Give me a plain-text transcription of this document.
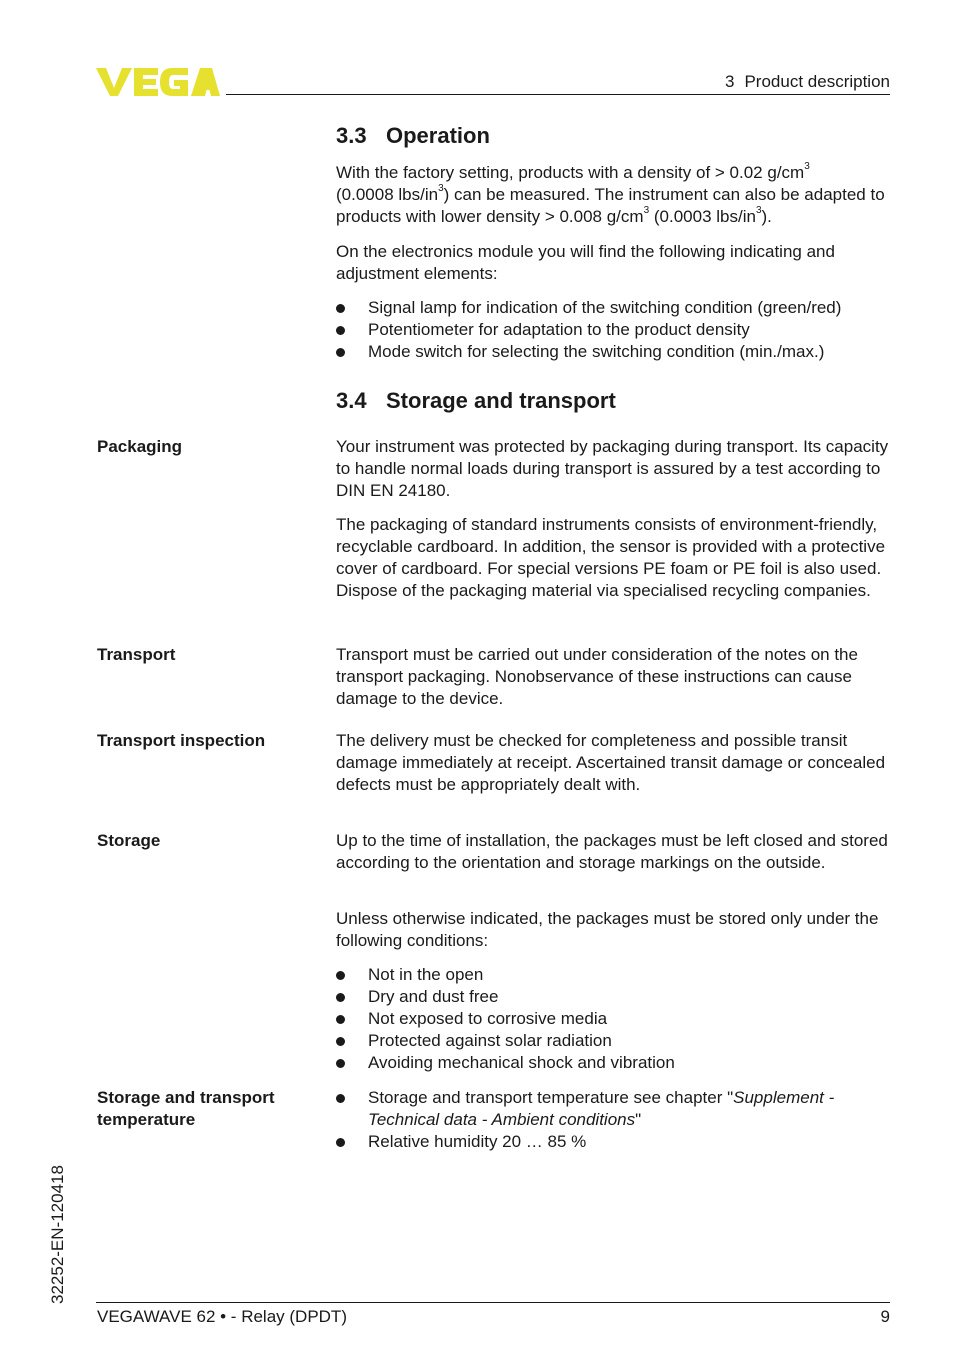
3 Product description
3.3 Operation

With the factory setting, products with a density of > 0.02 $g/cm^3$
(0.0008 lbs/$in^3$) can be measured. The instrument can also be adapted to products with lower density > 0.008 $g/cm^3$ (0.0003 lbs/$in^3$).

On the electronics module you will find the following indicating and adjustment elements:

Signal lamp for indication of the switching condition (green/red)
Potentiometer for adaptation to the product density
Mode switch for selecting the switching condition (min./max.)
3.4 Storage and transport
Packaging	Your instrument was protected by packaging during transport. Its capacity to handle normal loads during transport is assured by a test according to DIN EN 24180.

The packaging of standard instruments consists of environment-friendly, recyclable cardboard. In addition, the sensor is provided with a protective cover of cardboard. For special versions PE foam or PE foil is also used. Dispose of the packaging material via specialised recycling companies.

Transport	Transport must be carried out under consideration of the notes on the transport packaging. Nonobservance of these instructions can cause damage to the device.

Transport inspection	The delivery must be checked for completeness and possible transit damage immediately at receipt. Ascertained transit damage or concealed defects must be appropriately dealt with.

Storage	Up to the time of installation, the packages must be left closed and stored according to the orientation and storage markings on the outside.

Unless otherwise indicated, the packages must be stored only under the following conditions:

Not in the open
Dry and dust free
Not exposed to corrosive media
Protected against solar radiation
Avoiding mechanical shock and vibration
Storage and transport
temperature
Storage and transport temperature see chapter "Supplement - Technical data - Ambient conditions"
Relative humidity 20 … 85 %
32252-EN-120418
VEGAWAVE 62 • - Relay (DPDT)	9
